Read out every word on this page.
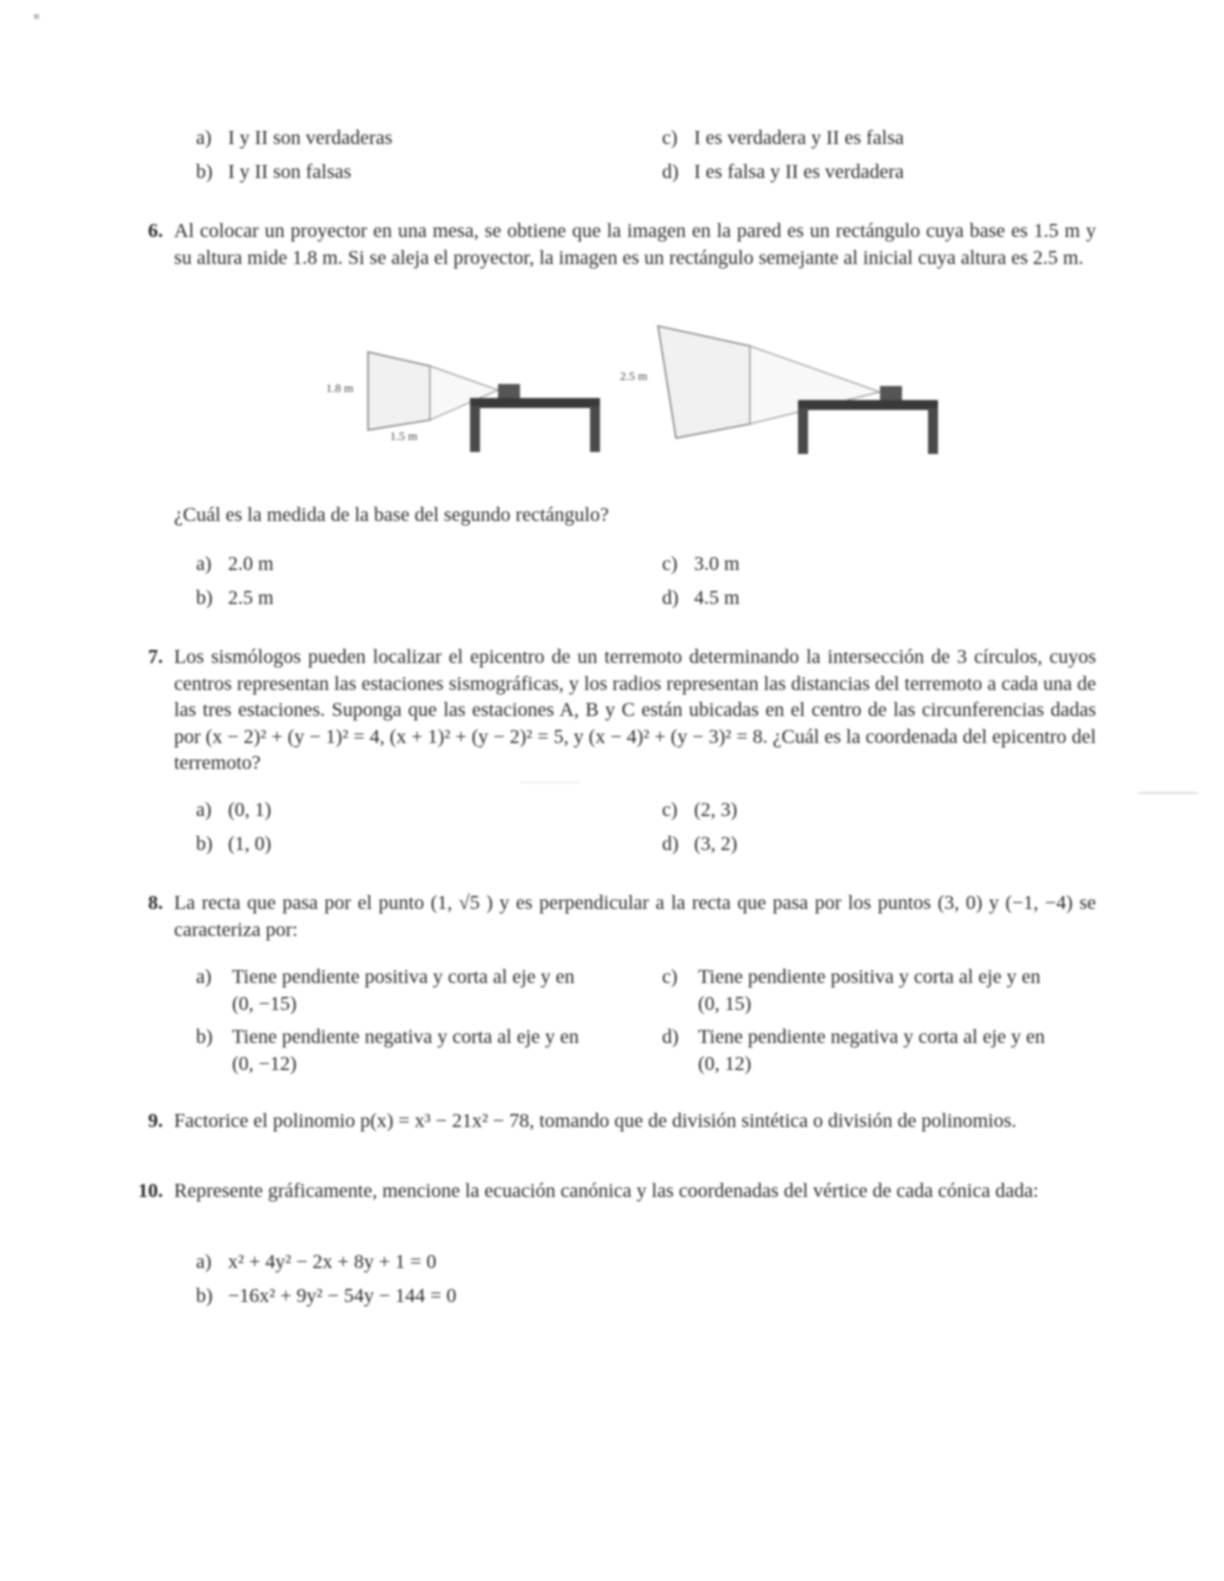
a) I y II son verdaderas
b) I y II son falsas
c) I es verdadera y II es falsa
d) I es falsa y II es verdadera
6. Al colocar un proyector en una mesa, se obtiene que la imagen en la pared es un rectángulo cuya base es 1.5 m y su altura mide 1.8 m. Si se aleja el proyector, la imagen es un rectángulo semejante al inicial cuya altura es 2.5 m.
1.8 m
1.5 m
2.5 m
¿Cuál es la medida de la base del segundo rectángulo?
a) 2.0 m
b) 2.5 m
c) 3.0 m
d) 4.5 m
7. Los sismólogos pueden localizar el epicentro de un terremoto determinando la intersección de 3 círculos, cuyos centros representan las estaciones sismográficas, y los radios representan las distancias del terremoto a cada una de las tres estaciones. Suponga que las estaciones A, B y C están ubicadas en el centro de las circunferencias dadas por (x − 2)² + (y − 1)² = 4, (x + 1)² + (y − 2)² = 5, y (x − 4)² + (y − 3)² = 8. ¿Cuál es la coordenada del epicentro del terremoto?
a) (0, 1)
b) (1, 0)
c) (2, 3)
d) (3, 2)
8. La recta que pasa por el punto (1, √5 ) y es perpendicular a la recta que pasa por los puntos (3, 0) y (−1, −4) se caracteriza por:
a) Tiene pendiente positiva y corta al eje y en
(0, −15)
b) Tiene pendiente negativa y corta al eje y en
(0, −12)
c) Tiene pendiente positiva y corta al eje y en
(0, 15)
d) Tiene pendiente negativa y corta al eje y en
(0, 12)
9. Factorice el polinomio p(x) = x³ − 21x² − 78, tomando que de división sintética o división de polinomios.
10. Represente gráficamente, mencione la ecuación canónica y las coordenadas del vértice de cada cónica dada:
a) x² + 4y² − 2x + 8y + 1 = 0
b) −16x² + 9y² − 54y − 144 = 0
